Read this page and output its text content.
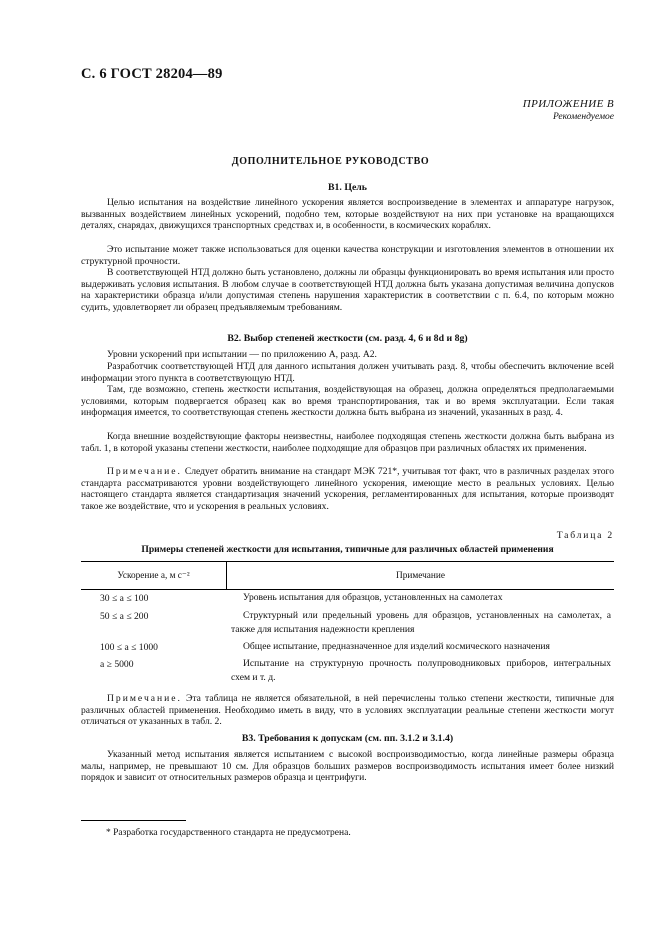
С. 6 ГОСТ 28204—89
ПРИЛОЖЕНИЕ В
Рекомендуемое
ДОПОЛНИТЕЛЬНОЕ РУКОВОДСТВО
В1. Цель

Целью испытания на воздействие линейного ускорения является воспроизведение в элементах и аппаратуре нагрузок, вызванных воздействием линейных ускорений, подобно тем, которые воздействуют на них при установке на вращающихся деталях, снарядах, движущихся транспортных средствах и, в особенности, в космических кораблях.

Это испытание может также использоваться для оценки качества конструкции и изготовления элементов в отношении их структурной прочности.

В соответствующей НТД должно быть установлено, должны ли образцы функционировать во время испытания или просто выдерживать условия испытания. В любом случае в соответствующей НТД должна быть указана допустимая величина допусков на характеристики образца и/или допустимая степень нарушения характеристик в соответствии с п. 6.4, по которым можно судить, удовлетворяет ли образец предъявляемым требованиям.

В2. Выбор степеней жесткости (см. разд. 4, 6 и 8d и 8g)

Уровни ускорений при испытании — по приложению А, разд. А2.

Разработчик соответствующей НТД для данного испытания должен учитывать разд. 8, чтобы обеспечить включение всей информации этого пункта в соответствующую НТД.

Там, где возможно, степень жесткости испытания, воздействующая на образец, должна определяться предполагаемыми условиями, которым подвергается образец как во время транспортирования, так и во время эксплуатации. Если такая информация имеется, то соответствующая степень жесткости должна быть выбрана из значений, указанных в разд. 4.

Когда внешние воздействующие факторы неизвестны, наиболее подходящая степень жесткости должна быть выбрана из табл. 1, в которой указаны степени жесткости, наиболее подходящие для образцов при различных областях их применения.

Примечание. Следует обратить внимание на стандарт МЭК 721*, учитывая тот факт, что в различных разделах этого стандарта рассматриваются уровни воздействующего линейного ускорения, имеющие место в реальных условиях. Целью настоящего стандарта является стандартизация значений ускорения, регламентированных для испытания, которые производят такое же воздействие, что и ускорения в реальных условиях.

Таблица 2
Примеры степеней жесткости для испытания, типичные для различных областей применения
Ускорение a, м с⁻²	Примечание
30 ≤ a ≤ 100	Уровень испытания для образцов, установленных на самолетах
50 ≤ a ≤ 200	Структурный или предельный уровень для образцов, установленных на самолетах, а также для испытания надежности крепления
100 ≤ a ≤ 1000	Общее испытание, предназначенное для изделий космического назначения
a ≥ 5000	Испытание на структурную прочность полупроводниковых приборов, интегральных схем и т. д.

Примечание. Эта таблица не является обязательной, в ней перечислены только степени жесткости, типичные для различных областей применения. Необходимо иметь в виду, что в условиях эксплуатации реальные степени жесткости могут отличаться от указанных в табл. 2.

В3. Требования к допускам (см. пп. 3.1.2 и 3.1.4)

Указанный метод испытания является испытанием с высокой воспроизводимостью, когда линейные размеры образца малы, например, не превышают 10 см. Для образцов больших размеров воспроизводимость испытания имеет более низкий порядок и зависит от относительных размеров образца и центрифуги.

* Разработка государственного стандарта не предусмотрена.
